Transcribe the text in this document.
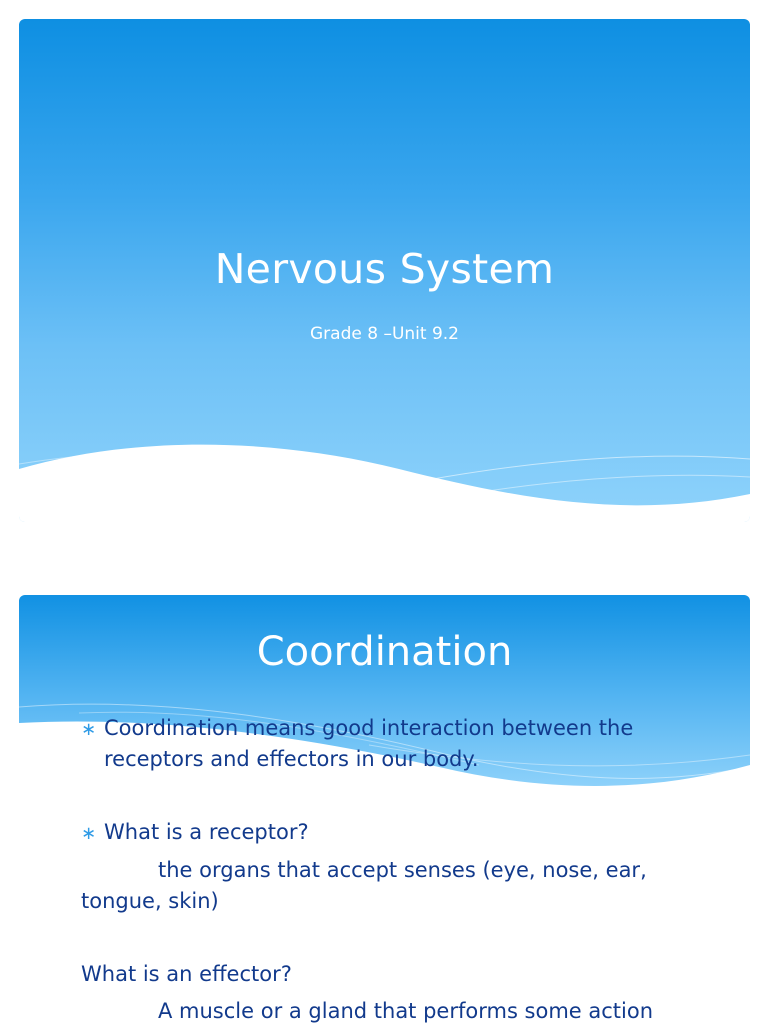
Nervous System
Grade 8 –Unit 9.2
Coordination
∗ Coordination means good interaction between the
receptors and effectors in our body.
∗ What is a receptor?
the organs that accept senses (eye, nose, ear,
tongue, skin)
What is an effector?
A muscle or a gland that performs some action
